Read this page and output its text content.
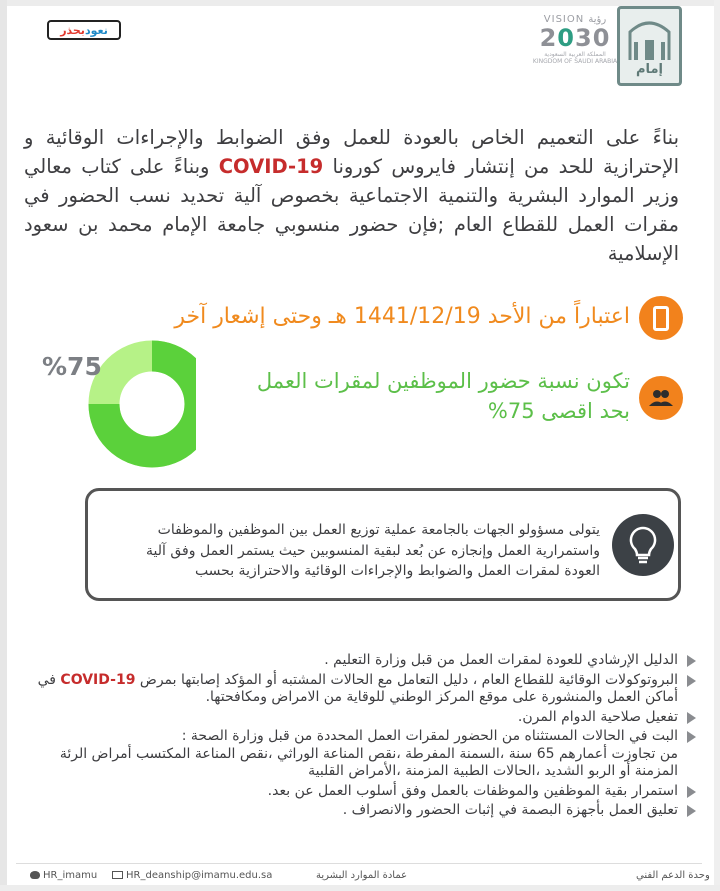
إمام
VISION رؤية
2030
المملكة العربية السعودية
KINGDOM OF SAUDI ARABIA
نعود
بحذر
بناءً على التعميم الخاص بالعودة للعمل وفق الضوابط والإجراءات الوقائية و الإحترازية للحد من إنتشار فايروس كورونا COVID-19 وبناءً على كتاب معالي وزير الموارد البشرية والتنمية الاجتماعية بخصوص آلية تحديد نسب الحضور في مقرات العمل للقطاع العام ;فإن حضور منسوبي جامعة الإمام محمد بن سعود الإسلامية
اعتباراً من الأحد 1441/12/19 هـ وحتى إشعار آخر
تكون نسبة حضور الموظفين لمقرات العمل بحد اقصى 75%
%75
يتولى مسؤولو الجهات بالجامعة عملية توزيع العمل بين الموظفين والموظفات واستمرارية العمل وإنجازه عن بُعد لبقية المنسوبين حيث يستمر العمل وفق آلية العودة لمقرات العمل والضوابط والإجراءات الوقائية والاحترازية بحسب
الدليل الإرشادي للعودة لمقرات العمل من قبل وزارة التعليم .
البروتوكولات الوقائية للقطاع العام ، دليل التعامل مع الحالات المشتبه أو المؤكد إصابتها بمرض COVID-19 في أماكن العمل والمنشورة على موقع المركز الوطني للوقاية من الامراض ومكافحتها.
تفعيل صلاحية الدوام المرن.
البت في الحالات المستثناه من الحضور لمقرات العمل المحددة من قبل وزارة الصحة :
من تجاوزت أعمارهم 65 سنة ،السمنة المفرطة ،نقص المناعة الوراثي ،نقص المناعة المكتسب أمراض الرئة المزمنة أو الربو الشديد ،الحالات الطبية المزمنة ،الأمراض القلبية
استمرار بقية الموظفين والموظفات بالعمل وفق أسلوب العمل عن بعد.
تعليق العمل بأجهزة البصمة في إثبات الحضور والانصراف .
HR_imamu	HR_deanship@imamu.edu.sa	عمادة الموارد البشرية	وحدة الدعم الفني
